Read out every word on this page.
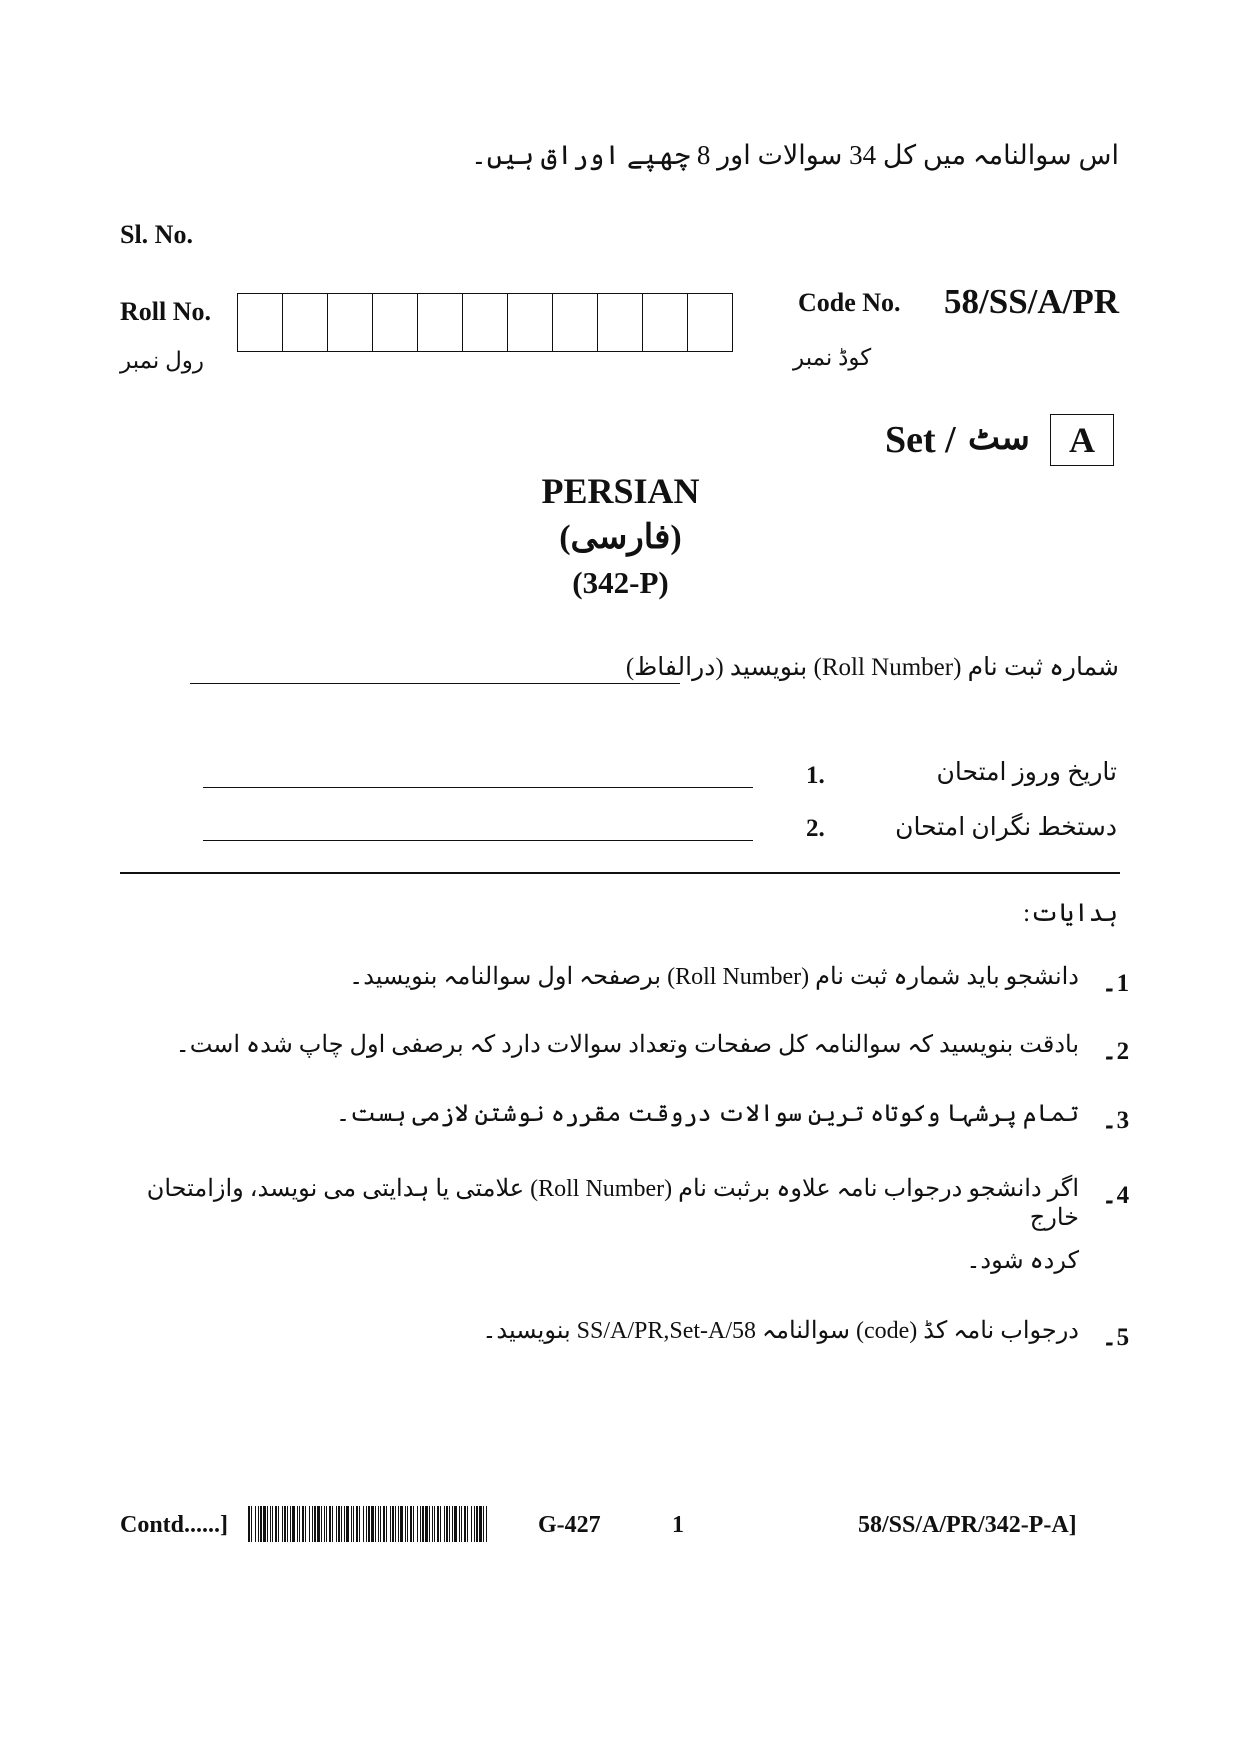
اس سوالنامہ میں کل 34 سوالات اور 8 چھپے اوراق ہیں۔
Sl. No.
Roll No.
رول نمبر
Code No. 58/SS/A/PR
کوڈ نمبر
Set / سٹ	A
PERSIAN
(فارسی)
(342-P)
شمارہ ثبت نام (Roll Number) بنویسید (درالفاظ)
1.	تاریخ وروز امتحان
2.	دستخط نگران امتحان
ہدایات:
1۔
دانشجو باید شمارہ ثبت نام (Roll Number) برصفحہ اول سوالنامہ بنویسید۔
2۔
بادقت بنویسید کہ سوالنامہ کل صفحات وتعداد سوالات دارد کہ برصفی اول چاپ شدہ است۔
3۔
تمام پرشہا وکوتاہ ترین سوالات دروقت مقررہ نوشتن لازمی ہست۔
4۔
اگر دانشجو درجواب نامہ علاوہ برثبت نام (Roll Number) علامتی یا ہدایتی می نویسد، وازامتحان خارج
کردہ شود۔
5۔
درجواب نامہ کڈ (code) سوالنامہ 58/SS/A/PR,Set-A بنویسید۔
Contd......]	G-427	1	58/SS/A/PR/342-P-A]
